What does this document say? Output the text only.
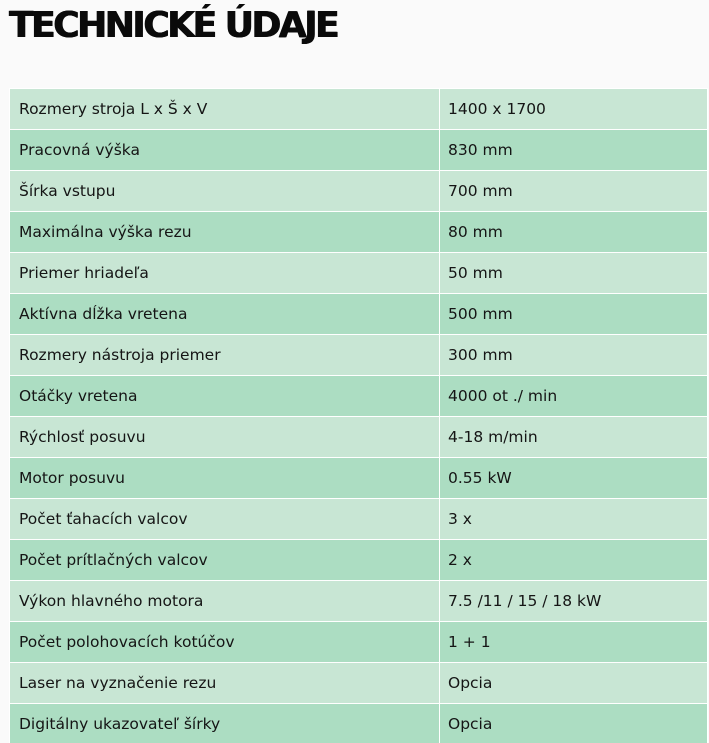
TECHNICKÉ ÚDAJE
Rozmery stroja L x Š x V	1400 x 1700
Pracovná výška	830 mm
Šírka vstupu	700 mm
Maximálna výška rezu	80 mm
Priemer hriadeľa	50 mm
Aktívna dĺžka vretena	500 mm
Rozmery nástroja priemer	300 mm
Otáčky vretena	4000 ot ./ min
Rýchlosť posuvu	4-18 m/min
Motor posuvu	0.55 kW
Počet ťahacích valcov	3 x
Počet prítlačných valcov	2 x
Výkon hlavného motora	7.5 /11 / 15 / 18 kW
Počet polohovacích kotúčov	1 + 1
Laser na vyznačenie rezu	Opcia
Digitálny ukazovateľ šírky	Opcia
